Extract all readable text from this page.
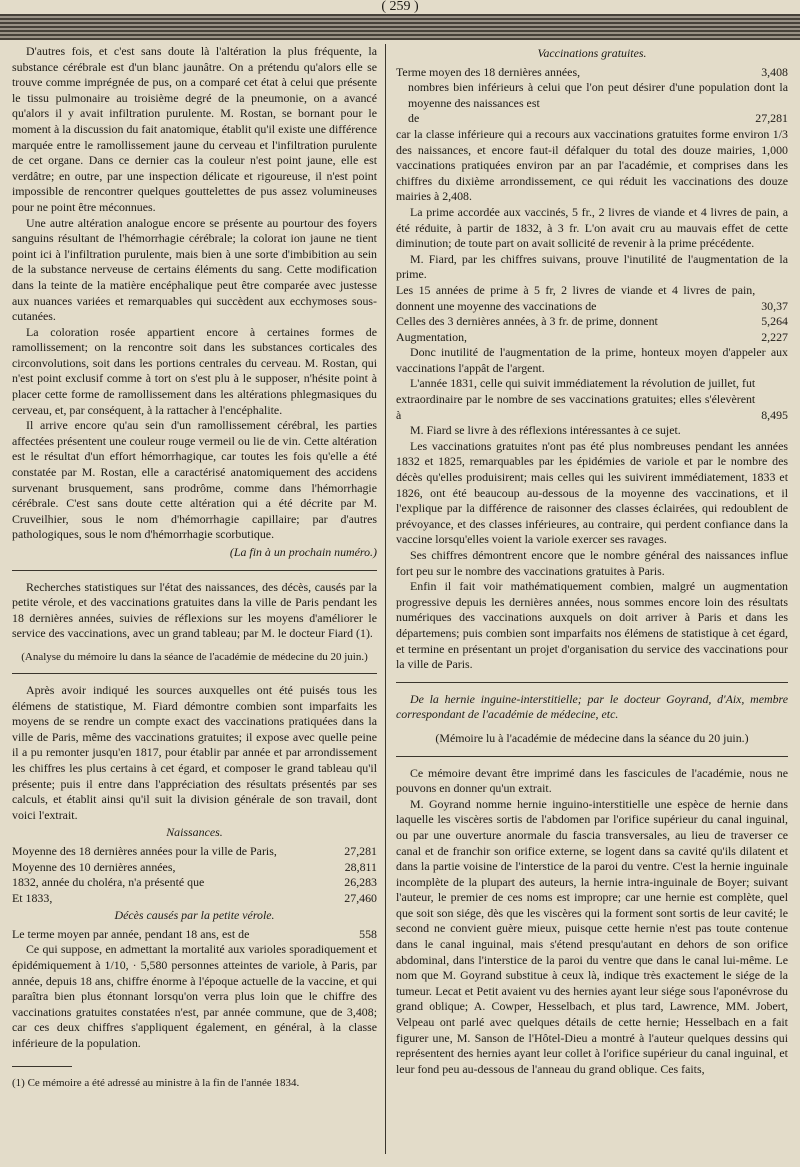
( 259 )

D'autres fois, et c'est sans doute là l'altération la plus fréquente, la substance cérébrale est d'un blanc jaunâtre. On a prétendu qu'alors elle se trouve comme imprégnée de pus, on a comparé cet état à celui que présente le tissu pulmonaire au troisième degré de la pneumonie, on a avancé qu'alors il y avait infiltration purulente. M. Rostan, se bornant pour le moment à la discussion du fait anatomique, établit qu'il existe une différence marquée entre le ramollissement jaune du cerveau et l'infiltration purulente de cet organe. Dans ce dernier cas la couleur n'est point jaune, elle est verdâtre; en outre, par une inspection délicate et rigoureuse, il n'est point impossible de rencontrer quelques gouttelettes de pus assez volumineuses pour ne point être méconnues.

Une autre altération analogue encore se présente au pourtour des foyers sanguins résultant de l'hémorrhagie cérébrale; la colorat ion jaune ne tient point ici à l'infiltration purulente, mais bien à une sorte d'imbibition au sein de la substance nerveuse de certains éléments du sang. Cette modification dans la teinte de la matière encéphalique peut être comparée avec justesse aux nuances variées et remarquables qui succèdent aux ecchymoses sous-cutanées.

La coloration rosée appartient encore à certaines formes de ramollissement; on la rencontre soit dans les substances corticales des circonvolutions, soit dans les portions centrales du cerveau. M. Rostan, qui n'est point exclusif comme à tort on s'est plu à le supposer, n'hésite point à placer cette forme de ramollissement dans les altérations phlegmasiques du cerveau, et, par conséquent, à la rattacher à l'encéphalite.

Il arrive encore qu'au sein d'un ramollissement cérébral, les parties affectées présentent une couleur rouge vermeil ou lie de vin. Cette altération est le résultat d'un effort hémorrhagique, car toutes les fois qu'elle a été constatée par M. Rostan, elle a caractérisé anatomiquement des accidens survenant brusquement, sans prodrôme, comme dans l'hémorrhagie cérébrale. C'est sans doute cette altération qui a été décrite par M. Cruveilhier, sous le nom d'hémorrhagie capillaire; par d'autres pathologiques, sous le nom d'hémorrhagie scorbutique.

(La fin à un prochain numéro.)

Recherches statistiques sur l'état des naissances, des décès, causés par la petite vérole, et des vaccinations gratuites dans la ville de Paris pendant les 18 dernières années, suivies de réflexions sur les moyens d'améliorer le service des vaccinations, avec un grand tableau; par M. le docteur Fiard (1).

(Analyse du mémoire lu dans la séance de l'académie de médecine du 20 juin.)

Après avoir indiqué les sources auxquelles ont été puisés tous les élémens de statistique, M. Fiard démontre combien sont imparfaits les moyens de se rendre un compte exact des vaccinations pratiquées dans la ville de Paris, même des vaccinations gratuites; il expose avec quelle peine il a pu remonter jusqu'en 1817, pour établir par année et par arrondissement les chiffres les plus certains à cet égard, et composer le grand tableau qu'il présente; puis il entre dans l'appréciation des résultats présentés par ses calculs, et établit ainsi qu'il suit la division générale de son travail, dont voici l'extrait.

Naissances.
Moyenne des 18 dernières années pour la ville de Paris,	27,281
Moyenne des 10 dernières années,	28,811
1832, année du choléra, n'a présenté que	26,283
Et 1833,	27,460
Décès causés par la petite vérole.
Le terme moyen par année, pendant 18 ans, est de	558

Ce qui suppose, en admettant la mortalité aux varioles sporadiquement et épidémiquement à 1/10, · 5,580 personnes atteintes de variole, à Paris, par année, depuis 18 ans, chiffre énorme à l'époque actuelle de la vaccine, et qui paraîtra bien plus étonnant lorsqu'on verra plus loin que le chiffre des vaccinations gratuites constatées n'est, par année commune, que de 3,408; car ces deux chiffres s'appliquent également, en général, à la classe inférieure de la population.

(1) Ce mémoire a été adressé au ministre à la fin de l'année 1834.

Vaccinations gratuites.
Terme moyen des 18 dernières années,	3,408

nombres bien inférieurs à celui que l'on peut désirer d'une population dont la moyenne des naissances est

de	27,281

car la classe inférieure qui a recours aux vaccinations gratuites forme environ 1/3 des naissances, et encore faut-il défalquer du total des douze mairies, 1,000 vaccinations pratiquées environ par an par l'académie, et comprises dans les chiffres du dixième arrondissement, ce qui réduit les vaccinations des douze mairies à 2,408.

La prime accordée aux vaccinés, 5 fr., 2 livres de viande et 4 livres de pain, a été réduite, à partir de 1832, à 3 fr. L'on avait cru au mauvais effet de cette diminution; de toute part on avait sollicité de revenir à la prime précédente.

M. Fiard, par les chiffres suivans, prouve l'inutilité de l'augmentation de la prime.

Les 15 années de prime à 5 fr, 2 livres de viande et 4 livres de pain, donnent une moyenne des vaccinations de	30,37
Celles des 3 dernières années, à 3 fr. de prime, donnent	5,264
Augmentation,	2,227

Donc inutilité de l'augmentation de la prime, honteux moyen d'appeler aux vaccinations l'appât de l'argent.

L'année 1831, celle qui suivit immédiatement la révolution de juillet, fut extraordinaire par le nombre de ses vaccinations gratuites; elles s'élevèrent à	8,495

M. Fiard se livre à des réflexions intéressantes à ce sujet.

Les vaccinations gratuites n'ont pas été plus nombreuses pendant les années 1832 et 1825, remarquables par les épidémies de variole et par le nombre des décès qu'elles produisirent; mais celles qui les suivirent immédiatement, 1833 et 1826, ont été beaucoup au-dessous de la moyenne des vaccinations, et il l'explique par la différence de raisonner des classes éclairées, qui redoublent de prévoyance, et des classes inférieures, au contraire, qui perdent confiance dans la vaccine lorsqu'elles voient la variole exercer ses ravages.

Ses chiffres démontrent encore que le nombre général des naissances influe fort peu sur le nombre des vaccinations gratuites à Paris.

Enfin il fait voir mathématiquement combien, malgré un augmentation progressive depuis les dernières années, nous sommes encore loin des résultats numériques des vaccinations auxquels on doit arriver à Paris et dans les départemens; puis combien sont imparfaits nos élémens de statistique à cet égard, et termine en présentant un projet d'organisation du service des vaccinations pour la ville de Paris.

De la hernie inguine-interstitielle; par le docteur Goyrand, d'Aix, membre correspondant de l'académie de médecine, etc.

(Mémoire lu à l'académie de médecine dans la séance du 20 juin.)

Ce mémoire devant être imprimé dans les fascicules de l'académie, nous ne pouvons en donner qu'un extrait.

M. Goyrand nomme hernie inguino-interstitielle une espèce de hernie dans laquelle les viscères sortis de l'abdomen par l'orifice supérieur du canal inguinal, ou par une ouverture anormale du fascia transversales, au lieu de traverser ce canal et de franchir son orifice externe, se logent dans sa cavité qu'ils dilatent et dans la partie voisine de l'interstice de la paroi du ventre. C'est la hernie inguinale incomplète de la plupart des auteurs, la hernie intra-inguinale de Boyer; suivant l'auteur, le premier de ces noms est impropre; car une hernie est complète, quel que soit son siége, dès que les viscères qui la forment sont sortis de leur cavité; le second ne convient guère mieux, puisque cette hernie n'est pas toute contenue dans le canal inguinal, mais s'étend presqu'autant en dehors de son orifice abdominal, dans l'interstice de la paroi du ventre que dans le canal lui-même. Le nom que M. Goyrand substitue à ceux là, indique très exactement le siége de la tumeur. Lecat et Petit avaient vu des hernies ayant leur siége sous l'aponévrose du grand oblique; A. Cowper, Hesselbach, et plus tard, Lawrence, MM. Jobert, Velpeau ont parlé avec quelques détails de cette hernie; Hesselbach en a fait figurer une, M. Sanson de l'Hôtel-Dieu a montré à l'auteur quelques dessins qui représentent des hernies ayant leur collet à l'orifice supérieur du canal inguinal, et leur fond peu au-dessous de l'anneau du grand oblique. Ces faits,
